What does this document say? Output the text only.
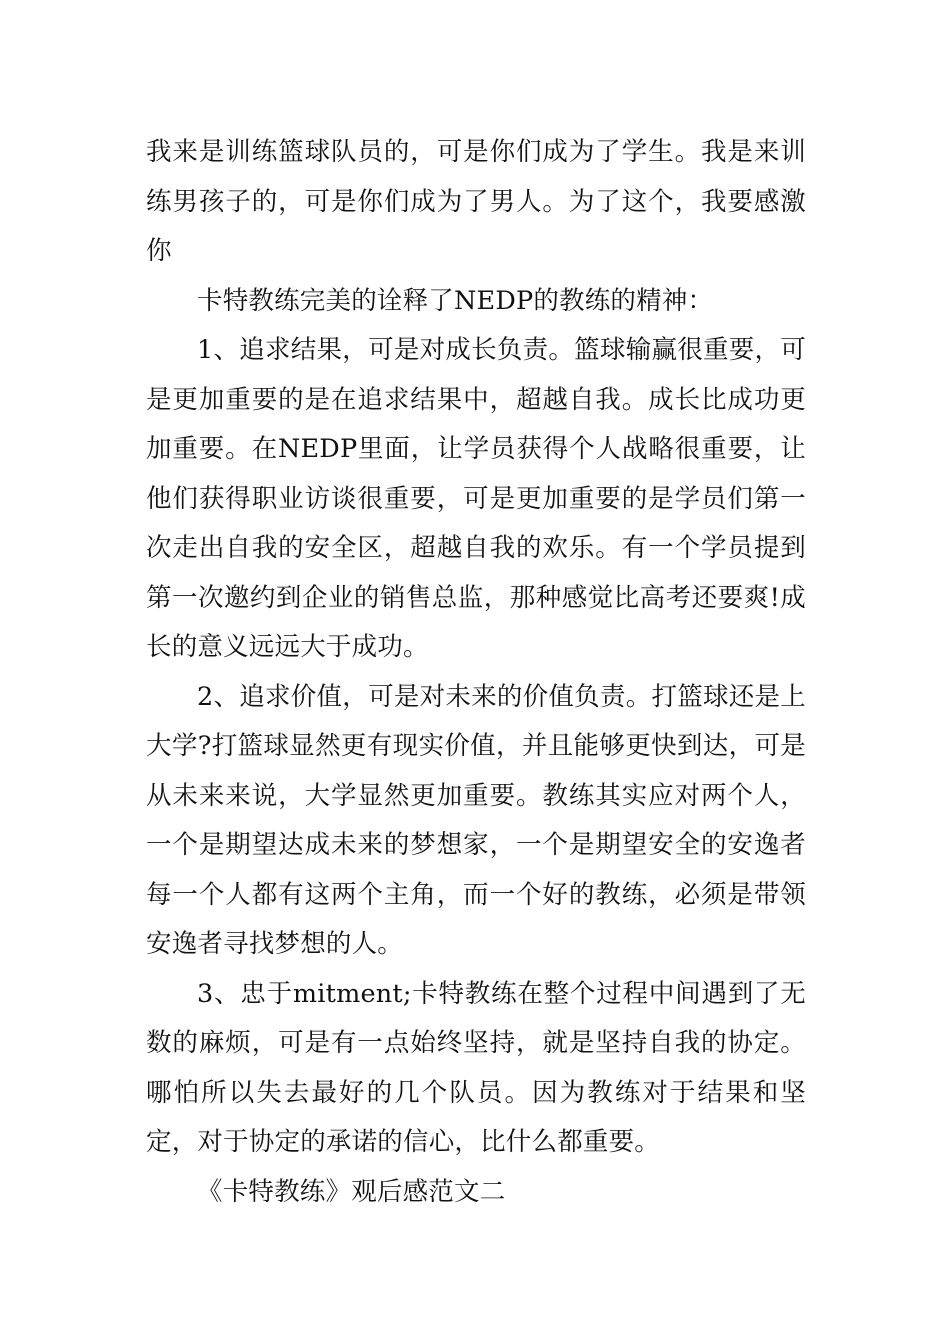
我来是训练篮球队员的，可是你们成为了学生。我是来训练男孩子的，可是你们成为了男人。为了这个，我要感激你

卡特教练完美的诠释了NEDP的教练的精神：

1、追求结果，可是对成长负责。篮球输赢很重要，可是更加重要的是在追求结果中，超越自我。成长比成功更加重要。在NEDP里面，让学员获得个人战略很重要，让他们获得职业访谈很重要，可是更加重要的是学员们第一次走出自我的安全区，超越自我的欢乐。有一个学员提到第一次邀约到企业的销售总监，那种感觉比高考还要爽!成长的意义远远大于成功。

2、追求价值，可是对未来的价值负责。打篮球还是上大学?打篮球显然更有现实价值，并且能够更快到达，可是从未来来说，大学显然更加重要。教练其实应对两个人，一个是期望达成未来的梦想家，一个是期望安全的安逸者每一个人都有这两个主角，而一个好的教练，必须是带领安逸者寻找梦想的人。

3、忠于mitment;卡特教练在整个过程中间遇到了无数的麻烦，可是有一点始终坚持，就是坚持自我的协定。哪怕所以失去最好的几个队员。因为教练对于结果和坚定，对于协定的承诺的信心，比什么都重要。

《卡特教练》观后感范文二
